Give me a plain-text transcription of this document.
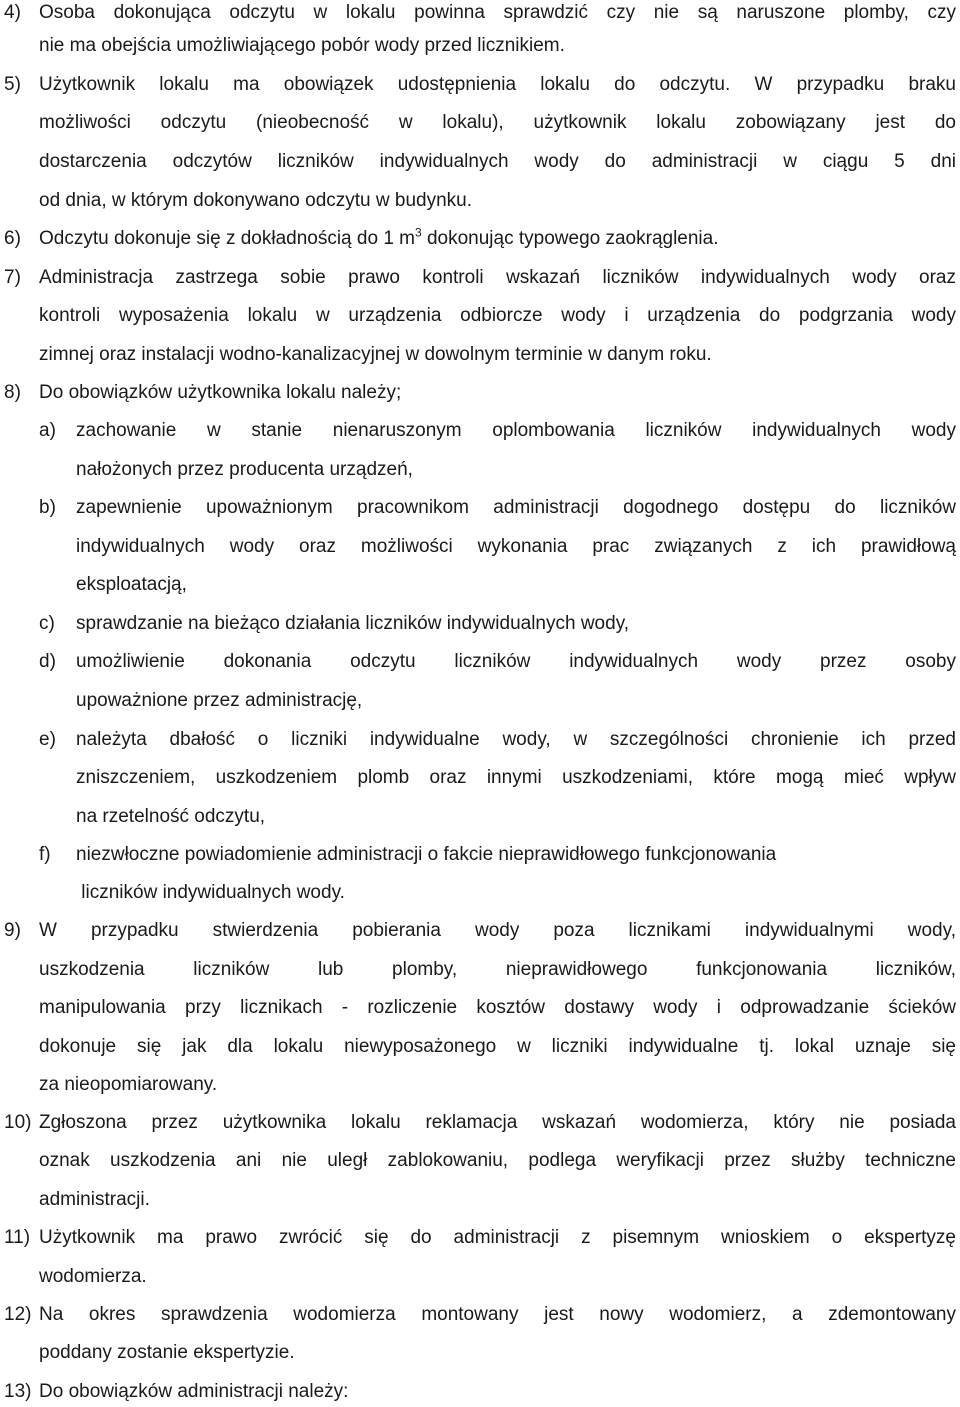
4) Osoba dokonująca odczytu w lokalu powinna sprawdzić czy nie są naruszone plomby, czy
nie ma obejścia umożliwiającego pobór wody przed licznikiem.
5) Użytkownik lokalu ma obowiązek udostępnienia lokalu do odczytu. W przypadku braku
możliwości odczytu (nieobecność w lokalu), użytkownik lokalu zobowiązany jest do
dostarczenia odczytów liczników indywidualnych wody do administracji w ciągu 5 dni
od dnia, w którym dokonywano odczytu w budynku.
6) Odczytu dokonuje się z dokładnością do 1 $m^3$ dokonując typowego zaokrąglenia.
7) Administracja zastrzega sobie prawo kontroli wskazań liczników indywidualnych wody oraz
kontroli wyposażenia lokalu w urządzenia odbiorcze wody i urządzenia do podgrzania wody
zimnej oraz instalacji wodno-kanalizacyjnej w dowolnym terminie w danym roku.
8) Do obowiązków użytkownika lokalu należy;
a) zachowanie w stanie nienaruszonym oplombowania liczników indywidualnych wody
nałożonych przez producenta urządzeń,
b) zapewnienie upoważnionym pracownikom administracji dogodnego dostępu do liczników
indywidualnych wody oraz możliwości wykonania prac związanych z ich prawidłową
eksploatacją,
c) sprawdzanie na bieżąco działania liczników indywidualnych wody,
d) umożliwienie dokonania odczytu liczników indywidualnych wody przez osoby
upoważnione przez administrację,
e) należyta dbałość o liczniki indywidualne wody, w szczególności chronienie ich przed
zniszczeniem, uszkodzeniem plomb oraz innymi uszkodzeniami, które mogą mieć wpływ
na rzetelność odczytu,
f) niezwłoczne powiadomienie administracji o fakcie nieprawidłowego funkcjonowania
liczników indywidualnych wody.
9) W przypadku stwierdzenia pobierania wody poza licznikami indywidualnymi wody,
uszkodzenia liczników lub plomby, nieprawidłowego funkcjonowania liczników,
manipulowania przy licznikach - rozliczenie kosztów dostawy wody i odprowadzanie ścieków
dokonuje się jak dla lokalu niewyposażonego w liczniki indywidualne tj. lokal uznaje się
za nieopomiarowany.
10) Zgłoszona przez użytkownika lokalu reklamacja wskazań wodomierza, który nie posiada
oznak uszkodzenia ani nie uległ zablokowaniu, podlega weryfikacji przez służby techniczne
administracji.
11) Użytkownik ma prawo zwrócić się do administracji z pisemnym wnioskiem o ekspertyzę
wodomierza.
12) Na okres sprawdzenia wodomierza montowany jest nowy wodomierz, a zdemontowany
poddany zostanie ekspertyzie.
13) Do obowiązków administracji należy:
